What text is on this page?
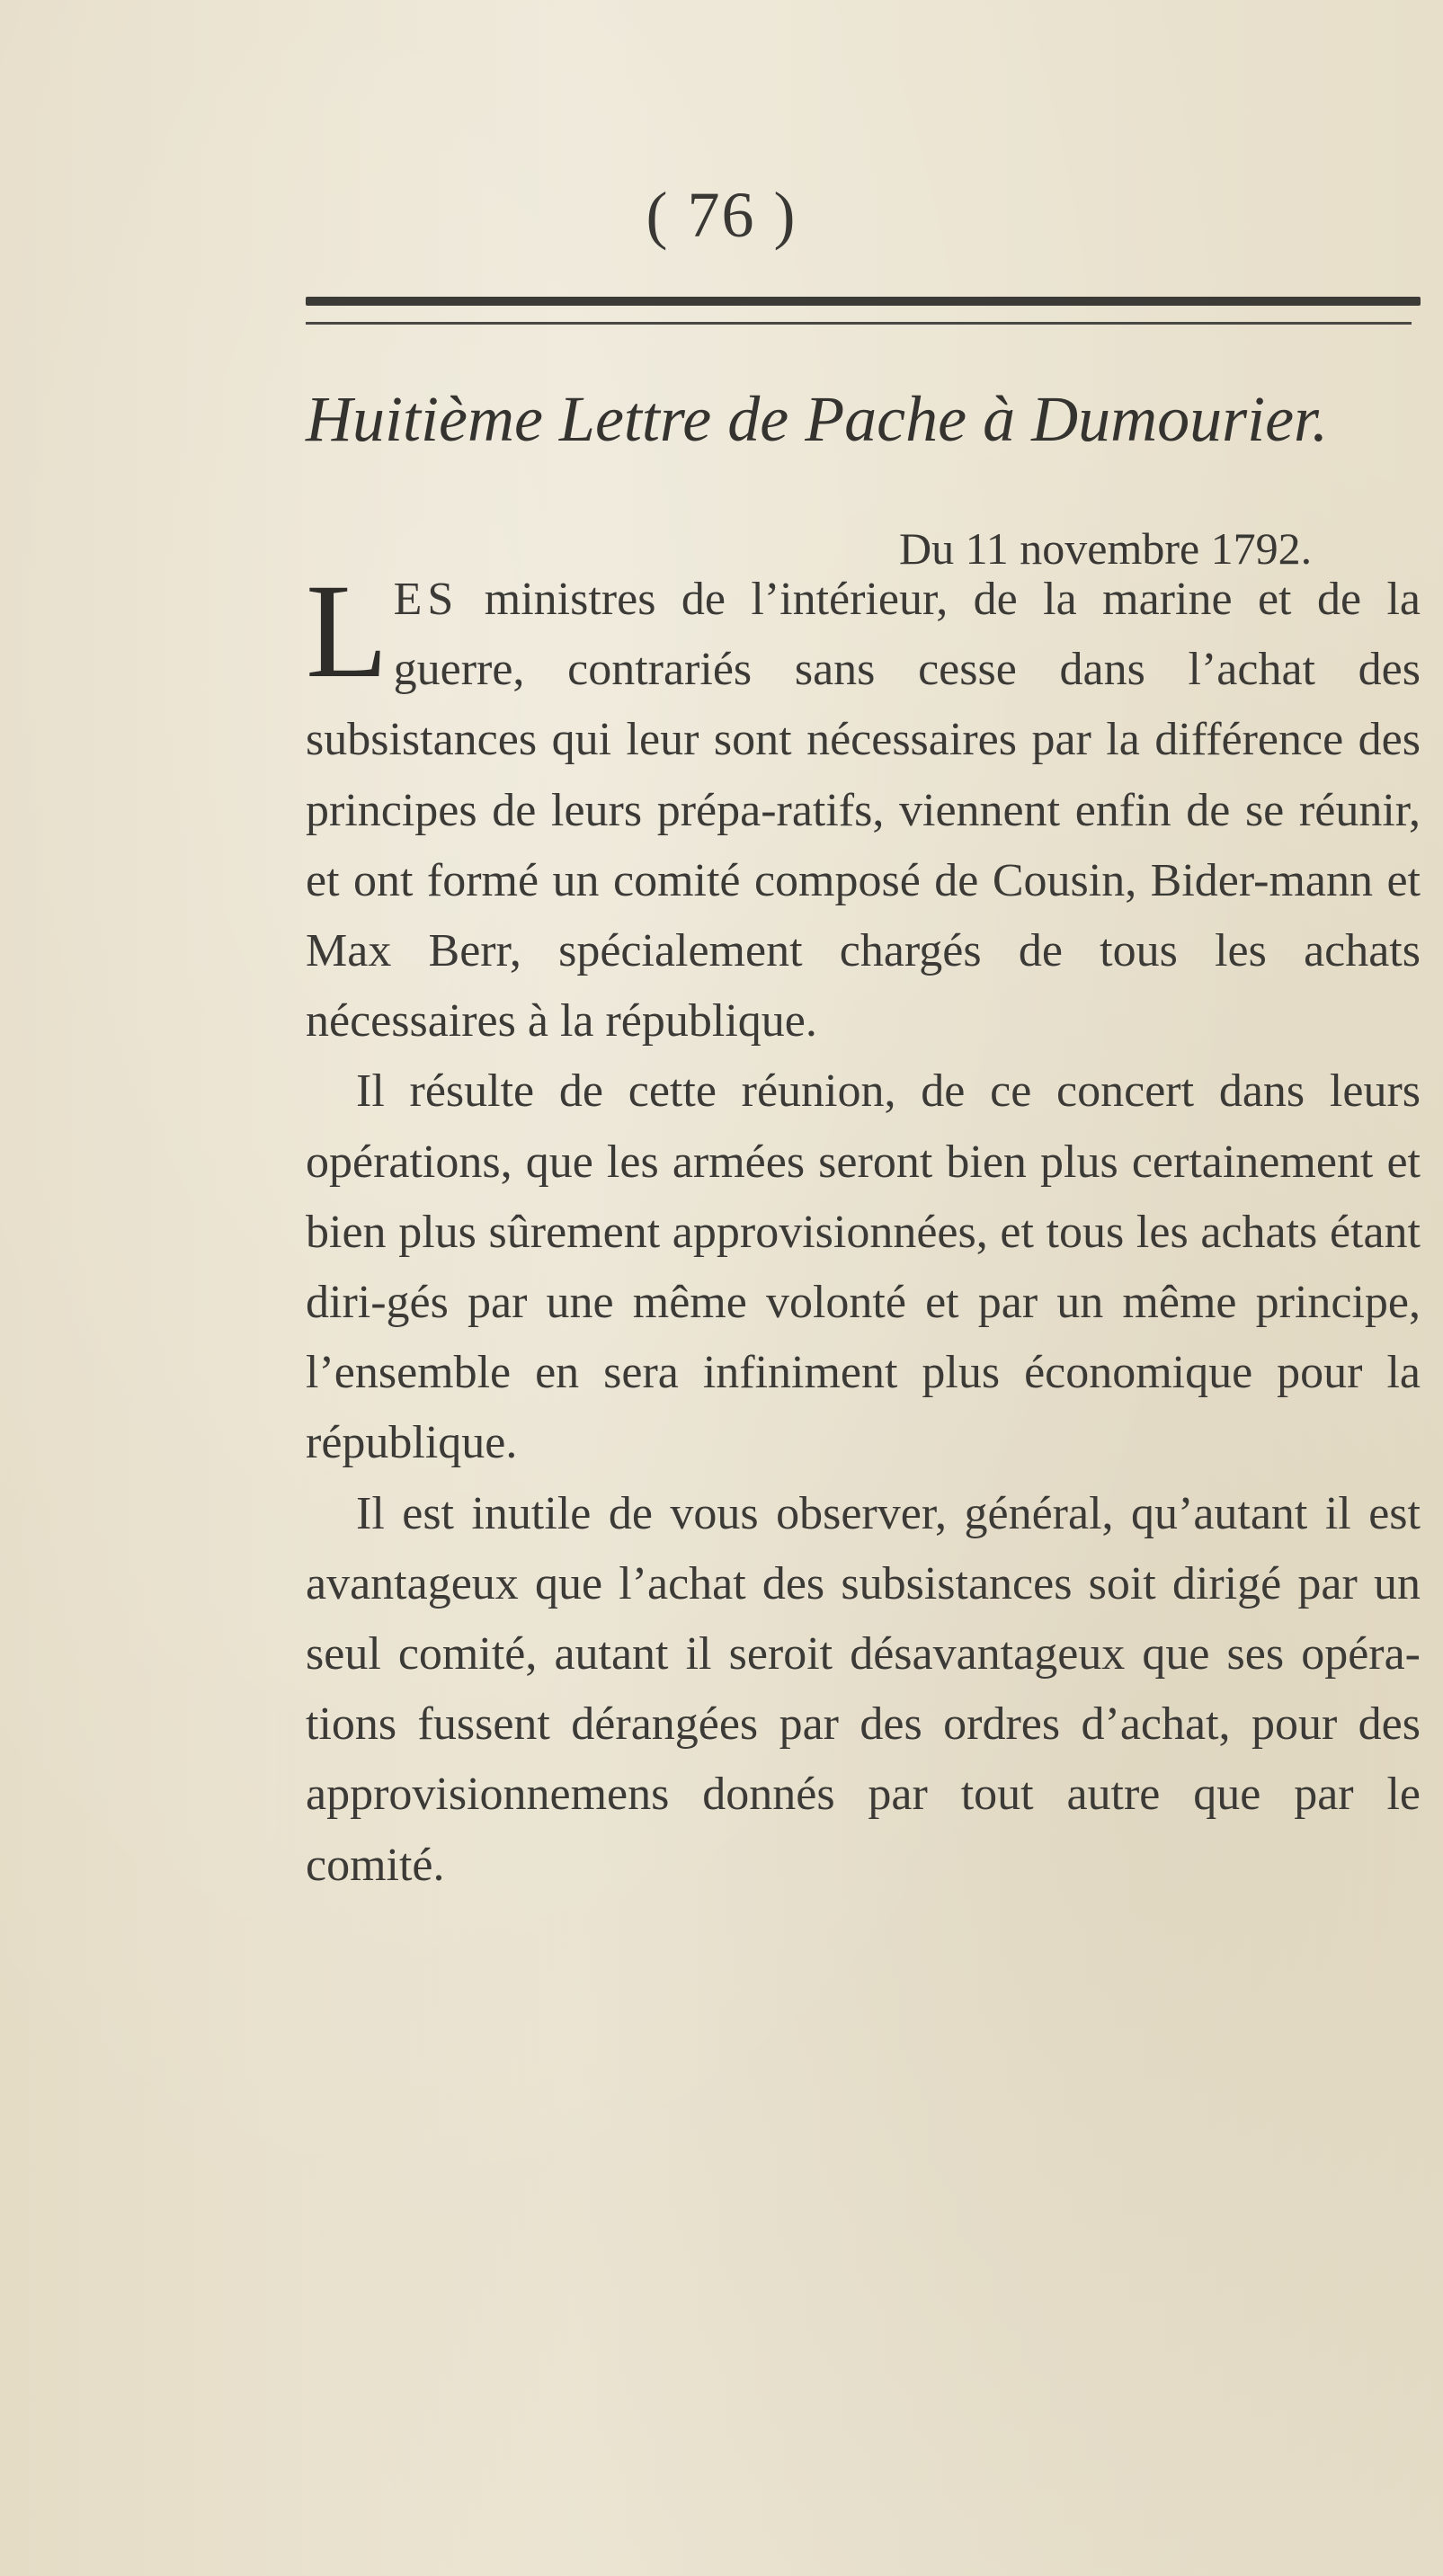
( 76 )
Huitième Lettre de Pache à Dumourier.
Du 11 novembre 1792.

LES ministres de l’intérieur, de la marine et de la guerre, contrariés sans cesse dans l’achat des subsistances qui leur sont nécessaires par la différence des principes de leurs prépa-ratifs, viennent enfin de se réunir, et ont formé un comité composé de Cousin, Bider-mann et Max Berr, spécialement chargés de tous les achats nécessaires à la république.

Il résulte de cette réunion, de ce concert dans leurs opérations, que les armées seront bien plus certainement et bien plus sûrement approvisionnées, et tous les achats étant diri-gés par une même volonté et par un même principe, l’ensemble en sera infiniment plus économique pour la république.

Il est inutile de vous observer, général, qu’autant il est avantageux que l’achat des subsistances soit dirigé par un seul comité, autant il seroit désavantageux que ses opéra-tions fussent dérangées par des ordres d’achat, pour des approvisionnemens donnés par tout autre que par le comité.
